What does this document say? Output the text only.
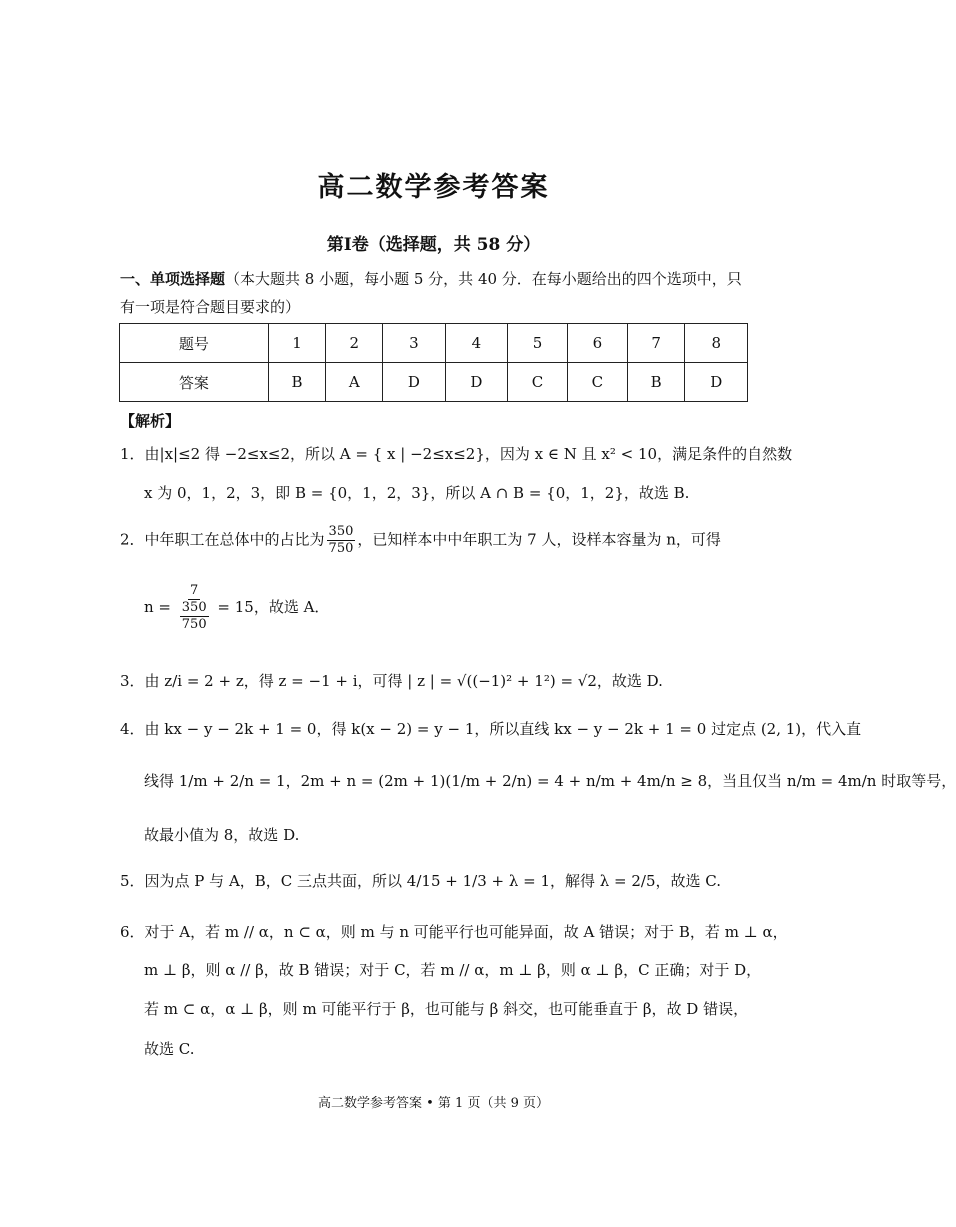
高二数学参考答案
第Ⅰ卷（选择题，共 58 分）
一、单项选择题（本大题共 8 小题，每小题 5 分，共 40 分．在每小题给出的四个选项中，只
有一项是符合题目要求的）
题号	1	2	3	4	5	6	7	8
答案	B	A	D	D	C	C	B	D
【解析】
1．由|x|≤2 得 −2≤x≤2，所以 A = { x | −2≤x≤2}，因为 x ∈ N 且 x² < 10，满足条件的自然数
x 为 0，1，2，3，即 B = {0，1，2，3}，所以 A ∩ B = {0，1，2}，故选 B.
2．中年职工在总体中的占比为 $\frac{350}{750}$ ，已知样本中中年职工为 7 人，设样本容量为 n，可得
$n = \frac{7}{\frac{350}{750}} = 15$，故选 A．
3．由 z/i = 2 + z，得 z = −1 + i，可得 | z | = √((−1)² + 1²) = √2，故选 D.
4．由 kx − y − 2k + 1 = 0，得 k(x − 2) = y − 1，所以直线 kx − y − 2k + 1 = 0 过定点 (2, 1)，代入直
线得 1/m + 2/n = 1，2m + n = (2m + 1)(1/m + 2/n) = 4 + n/m + 4m/n ≥ 8，当且仅当 n/m = 4m/n 时取等号，
故最小值为 8，故选 D.
5．因为点 P 与 A，B，C 三点共面，所以 4/15 + 1/3 + λ = 1，解得 λ = 2/5，故选 C.
6．对于 A，若 m // α，n ⊂ α，则 m 与 n 可能平行也可能异面，故 A 错误；对于 B，若 m ⊥ α，
m ⊥ β，则 α // β，故 B 错误；对于 C，若 m // α，m ⊥ β，则 α ⊥ β，C 正确；对于 D，
若 m ⊂ α，α ⊥ β，则 m 可能平行于 β，也可能与 β 斜交，也可能垂直于 β，故 D 错误，
故选 C.
高二数学参考答案 • 第 1 页（共 9 页）
